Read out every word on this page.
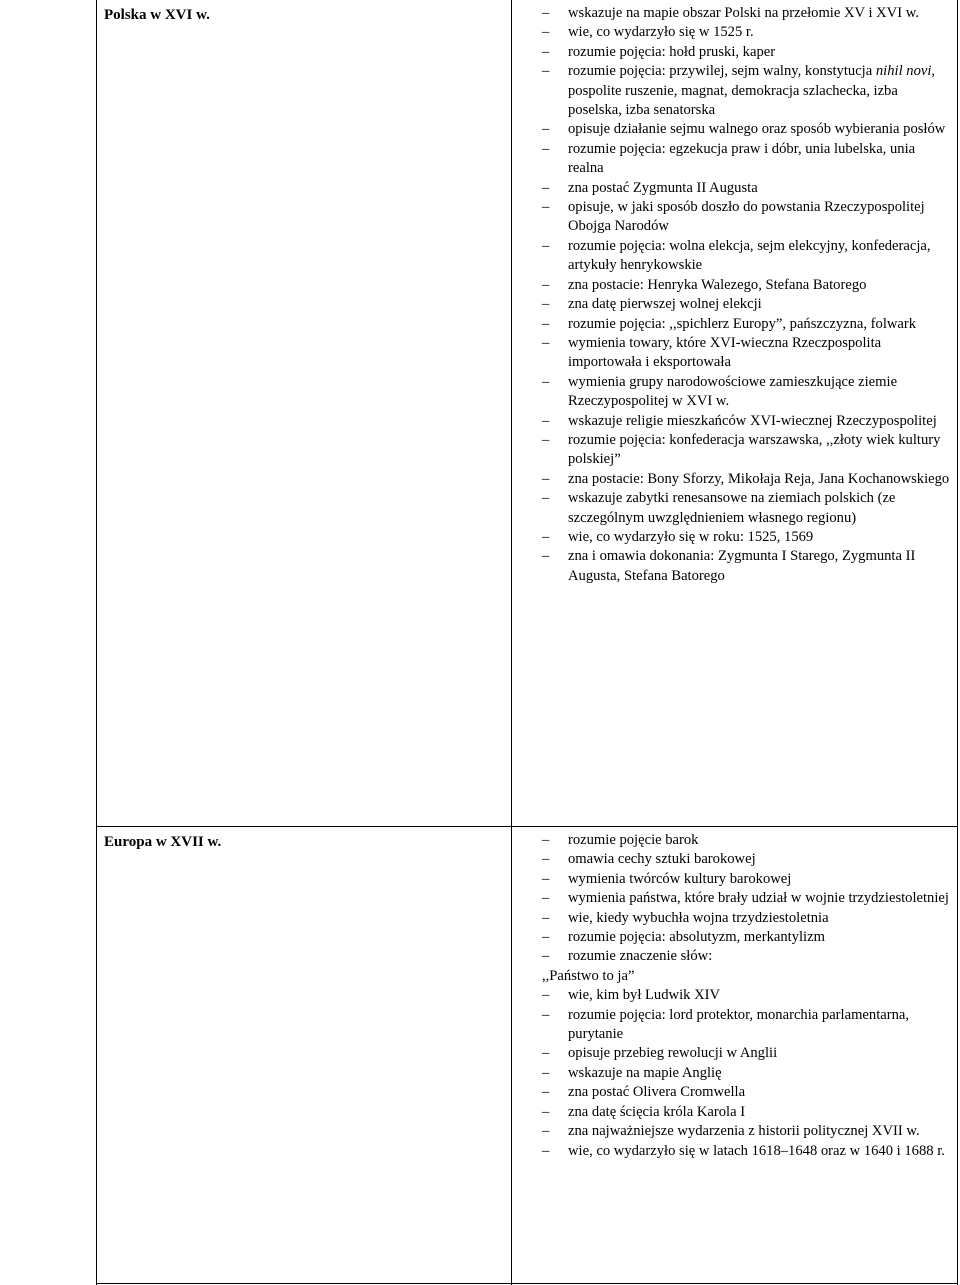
Polska w XVI w.	– wskazuje na mapie obszar Polski na przełomie XV i XVI w.
– wie, co wydarzyło się w 1525 r.
– rozumie pojęcia: hołd pruski, kaper
– rozumie pojęcia: przywilej, sejm walny, konstytucja nihil novi, pospolite ruszenie, magnat, demokracja szlachecka, izba poselska, izba senatorska
– opisuje działanie sejmu walnego oraz sposób wybierania posłów
– rozumie pojęcia: egzekucja praw i dóbr, unia lubelska, unia realna
– zna postać Zygmunta II Augusta
– opisuje, w jaki sposób doszło do powstania Rzeczypospolitej Obojga Narodów
– rozumie pojęcia: wolna elekcja, sejm elekcyjny, konfederacja, artykuły henrykowskie
– zna postacie: Henryka Walezego, Stefana Batorego
– zna datę pierwszej wolnej elekcji
– rozumie pojęcia: ,,spichlerz Europy”, pańszczyzna, folwark
– wymienia towary, które XVI-wieczna Rzeczpospolita importowała i eksportowała
– wymienia grupy narodowościowe zamieszkujące ziemie Rzeczypospolitej w XVI w.
– wskazuje religie mieszkańców XVI-wiecznej Rzeczypospolitej
– rozumie pojęcia: konfederacja warszawska, ,,złoty wiek kultury polskiej”
– zna postacie: Bony Sforzy, Mikołaja Reja, Jana Kochanowskiego
– wskazuje zabytki renesansowe na ziemiach polskich (ze szczególnym uwzględnieniem własnego regionu)
– wie, co wydarzyło się w roku: 1525, 1569
– zna i omawia dokonania: Zygmunta I Starego, Zygmunta II Augusta, Stefana Batorego
Europa w XVII w.	– rozumie pojęcie barok
– omawia cechy sztuki barokowej
– wymienia twórców kultury barokowej
– wymienia państwa, które brały udział w wojnie trzydziestoletniej
– wie, kiedy wybuchła wojna trzydziestoletnia
– rozumie pojęcia: absolutyzm, merkantylizm
– rozumie znaczenie słów:
,,Państwo to ja”
– wie, kim był Ludwik XIV
– rozumie pojęcia: lord protektor, monarchia parlamentarna, purytanie
– opisuje przebieg rewolucji w Anglii
– wskazuje na mapie Anglię
– zna postać Olivera Cromwella
– zna datę ścięcia króla Karola I
– zna najważniejsze wydarzenia z historii politycznej XVII w.
– wie, co wydarzyło się w latach 1618–1648 oraz w 1640 i 1688 r.
